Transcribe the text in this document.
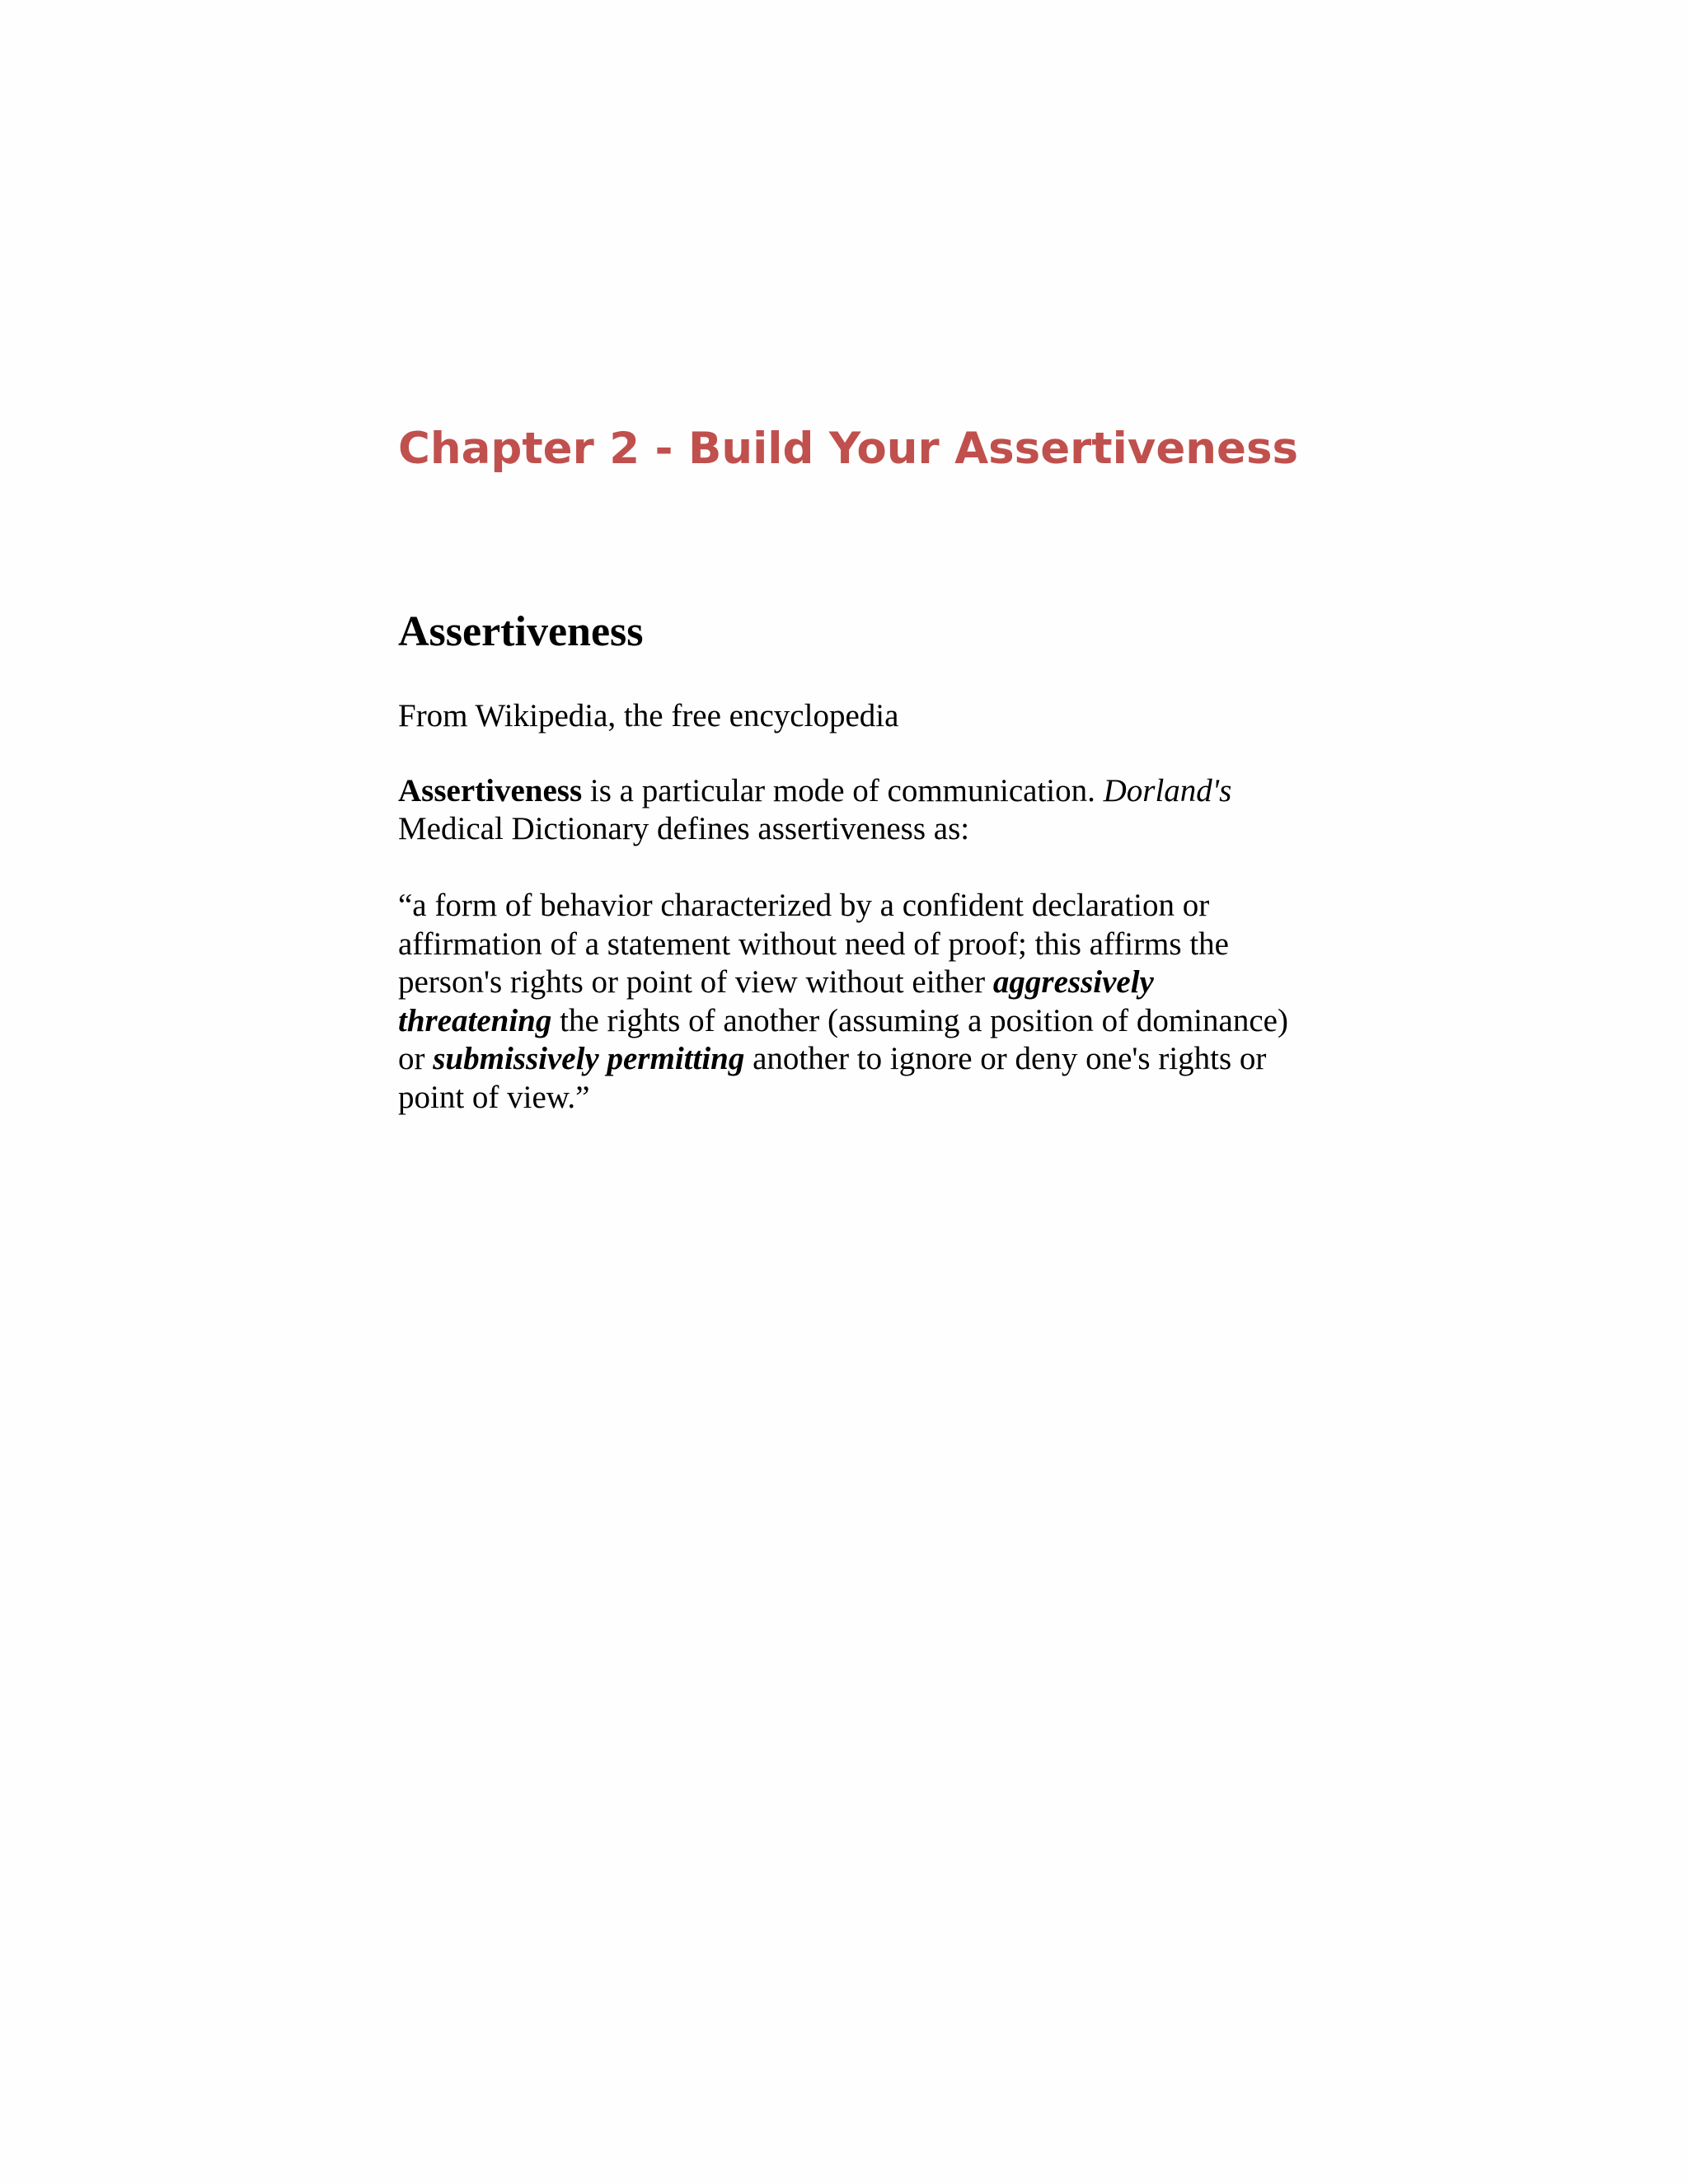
Chapter 2 - Build Your Assertiveness
Assertiveness

From Wikipedia, the free encyclopedia

Assertiveness is a particular mode of communication. Dorland's Medical Dictionary defines assertiveness as:

“a form of behavior characterized by a confident declaration or affirmation of a statement without need of proof; this affirms the person's rights or point of view without either aggressively threatening the rights of another (assuming a position of dominance) or submissively permitting another to ignore or deny one's rights or point of view.”
